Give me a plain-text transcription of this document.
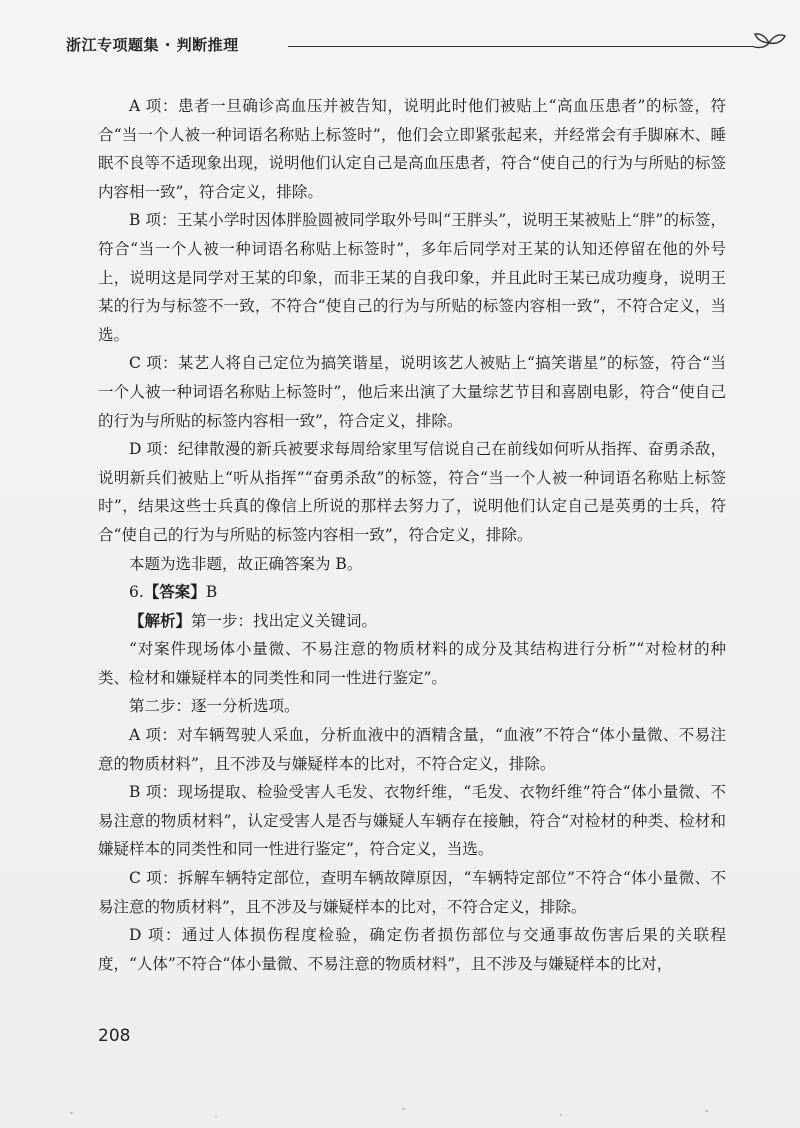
浙江专项题集 · 判断推理

A 项：患者一旦确诊高血压并被告知，说明此时他们被贴上“高血压患者”的标签，符合“当一个人被一种词语名称贴上标签时”，他们会立即紧张起来，并经常会有手脚麻木、睡眠不良等不适现象出现，说明他们认定自己是高血压患者，符合“使自己的行为与所贴的标签内容相一致”，符合定义，排除。

B 项：王某小学时因体胖脸圆被同学取外号叫“王胖头”，说明王某被贴上“胖”的标签，符合“当一个人被一种词语名称贴上标签时”，多年后同学对王某的认知还停留在他的外号上，说明这是同学对王某的印象，而非王某的自我印象，并且此时王某已成功瘦身，说明王某的行为与标签不一致，不符合“使自己的行为与所贴的标签内容相一致”，不符合定义，当选。

C 项：某艺人将自己定位为搞笑谐星，说明该艺人被贴上“搞笑谐星”的标签，符合“当一个人被一种词语名称贴上标签时”，他后来出演了大量综艺节目和喜剧电影，符合“使自己的行为与所贴的标签内容相一致”，符合定义，排除。

D 项：纪律散漫的新兵被要求每周给家里写信说自己在前线如何听从指挥、奋勇杀敌，说明新兵们被贴上“听从指挥”“奋勇杀敌”的标签，符合“当一个人被一种词语名称贴上标签时”，结果这些士兵真的像信上所说的那样去努力了，说明他们认定自己是英勇的士兵，符合“使自己的行为与所贴的标签内容相一致”，符合定义，排除。

本题为选非题，故正确答案为 B。

6.【答案】B

【解析】第一步：找出定义关键词。

“对案件现场体小量微、不易注意的物质材料的成分及其结构进行分析”“对检材的种类、检材和嫌疑样本的同类性和同一性进行鉴定”。

第二步：逐一分析选项。

A 项：对车辆驾驶人采血，分析血液中的酒精含量，“血液”不符合“体小量微、不易注意的物质材料”，且不涉及与嫌疑样本的比对，不符合定义，排除。

B 项：现场提取、检验受害人毛发、衣物纤维，“毛发、衣物纤维”符合“体小量微、不易注意的物质材料”，认定受害人是否与嫌疑人车辆存在接触，符合“对检材的种类、检材和嫌疑样本的同类性和同一性进行鉴定”，符合定义，当选。

C 项：拆解车辆特定部位，查明车辆故障原因，“车辆特定部位”不符合“体小量微、不易注意的物质材料”，且不涉及与嫌疑样本的比对，不符合定义，排除。

D 项：通过人体损伤程度检验，确定伤者损伤部位与交通事故伤害后果的关联程度，“人体”不符合“体小量微、不易注意的物质材料”，且不涉及与嫌疑样本的比对，

208
